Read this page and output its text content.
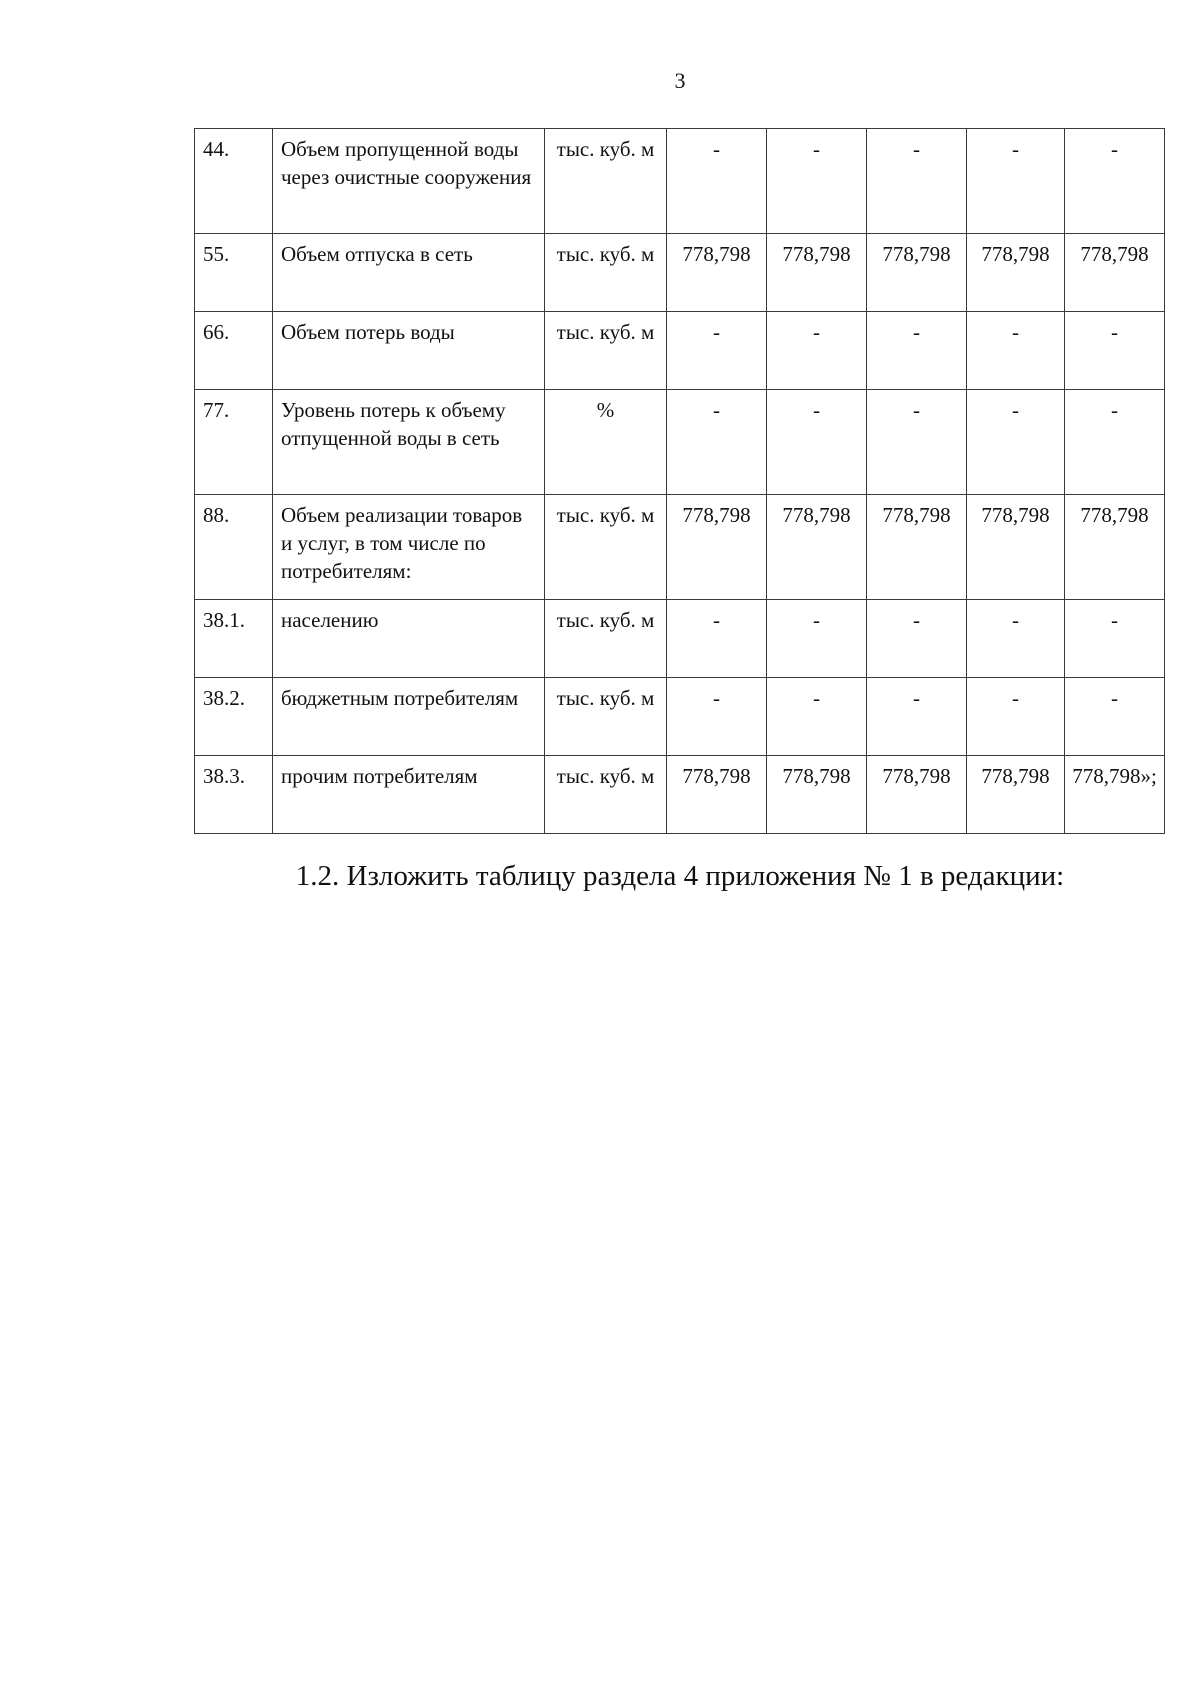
3
44.	Объем пропущенной воды через очистные сооружения	тыс. куб. м	-	-	-	-	-
55.	Объем отпуска в сеть	тыс. куб. м	778,798	778,798	778,798	778,798	778,798
66.	Объем потерь воды	тыс. куб. м	-	-	-	-	-
77.	Уровень потерь к объему отпущенной воды в сеть	%	-	-	-	-	-
88.	Объем реализации товаров и услуг, в том числе по потребителям:	тыс. куб. м	778,798	778,798	778,798	778,798	778,798
38.1.	населению	тыс. куб. м	-	-	-	-	-
38.2.	бюджетным потребителям	тыс. куб. м	-	-	-	-	-
38.3.	прочим потребителям	тыс. куб. м	778,798	778,798	778,798	778,798	778,798»;
1.2. Изложить таблицу раздела 4 приложения № 1 в редакции:
